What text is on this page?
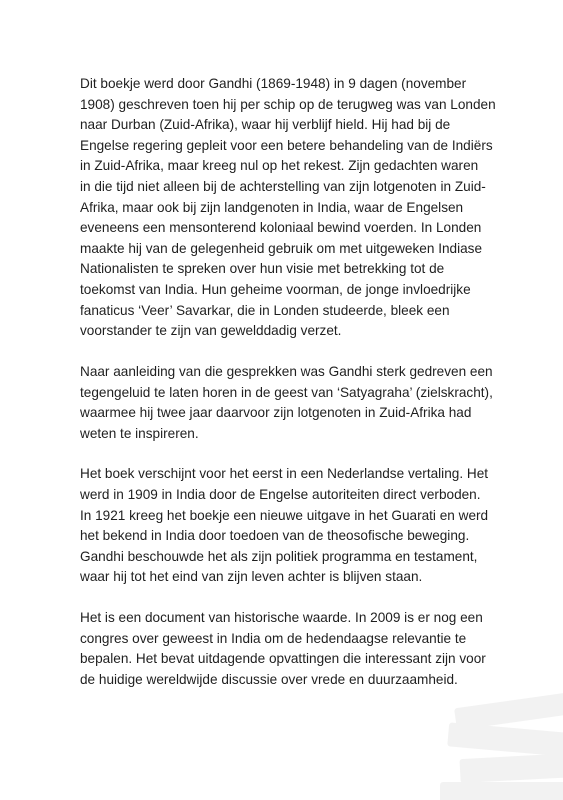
Dit boekje werd door Gandhi (1869-1948) in 9 dagen (november
1908) geschreven toen hij per schip op de terugweg was van Londen
naar Durban (Zuid-Afrika), waar hij verblijf hield. Hij had bij de
Engelse regering gepleit voor een betere behandeling van de Indiërs
in Zuid-Afrika, maar kreeg nul op het rekest. Zijn gedachten waren
in die tijd niet alleen bij de achterstelling van zijn lotgenoten in Zuid-
Afrika, maar ook bij zijn landgenoten in India, waar de Engelsen
eveneens een mensonterend koloniaal bewind voerden. In Londen
maakte hij van de gelegenheid gebruik om met uitgeweken Indiase
Nationalisten te spreken over hun visie met betrekking tot de
toekomst van India. Hun geheime voorman, de jonge invloedrijke
fanaticus ‘Veer’ Savarkar, die in Londen studeerde, bleek een
voorstander te zijn van gewelddadig verzet.

Naar aanleiding van die gesprekken was Gandhi sterk gedreven een
tegengeluid te laten horen in de geest van ‘Satyagraha’ (zielskracht),
waarmee hij twee jaar daarvoor zijn lotgenoten in Zuid-Afrika had
weten te inspireren.

Het boek verschijnt voor het eerst in een Nederlandse vertaling. Het
werd in 1909 in India door de Engelse autoriteiten direct verboden.
In 1921 kreeg het boekje een nieuwe uitgave in het Guarati en werd
het bekend in India door toedoen van de theosofische beweging.
Gandhi beschouwde het als zijn politiek programma en testament,
waar hij tot het eind van zijn leven achter is blijven staan.

Het is een document van historische waarde. In 2009 is er nog een
congres over geweest in India om de hedendaagse relevantie te
bepalen. Het bevat uitdagende opvattingen die interessant zijn voor
de huidige wereldwijde discussie over vrede en duurzaamheid.
